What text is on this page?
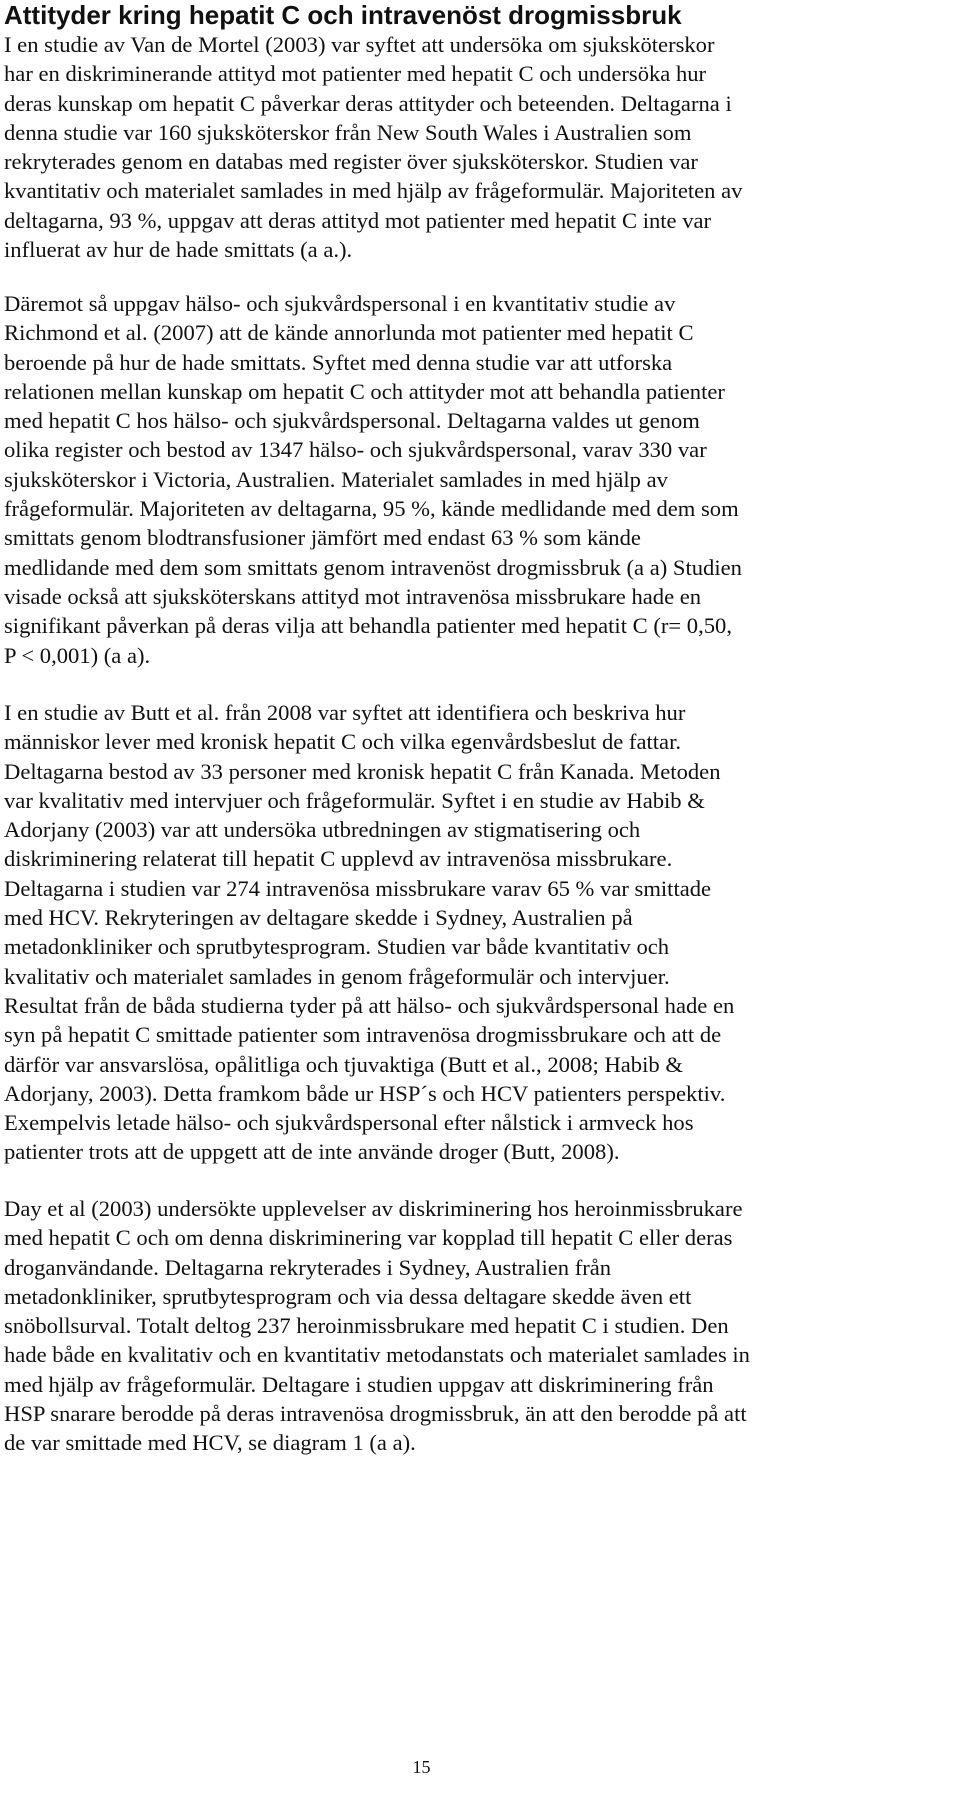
Attityder kring hepatit C och intravenöst drogmissbruk

I en studie av Van de Mortel (2003) var syftet att undersöka om sjuksköterskor
har en diskriminerande attityd mot patienter med hepatit C och undersöka hur
deras kunskap om hepatit C påverkar deras attityder och beteenden. Deltagarna i
denna studie var 160 sjuksköterskor från New South Wales i Australien som
rekryterades genom en databas med register över sjuksköterskor. Studien var
kvantitativ och materialet samlades in med hjälp av frågeformulär. Majoriteten av
deltagarna, 93 %, uppgav att deras attityd mot patienter med hepatit C inte var
influerat av hur de hade smittats (a a.).

Däremot så uppgav hälso- och sjukvårdspersonal i en kvantitativ studie av
Richmond et al. (2007) att de kände annorlunda mot patienter med hepatit C
beroende på hur de hade smittats. Syftet med denna studie var att utforska
relationen mellan kunskap om hepatit C och attityder mot att behandla patienter
med hepatit C hos hälso- och sjukvårdspersonal. Deltagarna valdes ut genom
olika register och bestod av 1347 hälso- och sjukvårdspersonal, varav 330 var
sjuksköterskor i Victoria, Australien. Materialet samlades in med hjälp av
frågeformulär. Majoriteten av deltagarna, 95 %, kände medlidande med dem som
smittats genom blodtransfusioner jämfört med endast 63 % som kände
medlidande med dem som smittats genom intravenöst drogmissbruk (a a) Studien
visade också att sjuksköterskans attityd mot intravenösa missbrukare hade en
signifikant påverkan på deras vilja att behandla patienter med hepatit C (r= 0,50,
P < 0,001) (a a).

I en studie av Butt et al. från 2008 var syftet att identifiera och beskriva hur
människor lever med kronisk hepatit C och vilka egenvårdsbeslut de fattar.
Deltagarna bestod av 33 personer med kronisk hepatit C från Kanada. Metoden
var kvalitativ med intervjuer och frågeformulär. Syftet i en studie av Habib &
Adorjany (2003) var att undersöka utbredningen av stigmatisering och
diskriminering relaterat till hepatit C upplevd av intravenösa missbrukare.
Deltagarna i studien var 274 intravenösa missbrukare varav 65 % var smittade
med HCV. Rekryteringen av deltagare skedde i Sydney, Australien på
metadonkliniker och sprutbytesprogram. Studien var både kvantitativ och
kvalitativ och materialet samlades in genom frågeformulär och intervjuer.
Resultat från de båda studierna tyder på att hälso- och sjukvårdspersonal hade en
syn på hepatit C smittade patienter som intravenösa drogmissbrukare och att de
därför var ansvarslösa, opålitliga och tjuvaktiga (Butt et al., 2008; Habib &
Adorjany, 2003). Detta framkom både ur HSP´s och HCV patienters perspektiv.
Exempelvis letade hälso- och sjukvårdspersonal efter nålstick i armveck hos
patienter trots att de uppgett att de inte använde droger (Butt, 2008).

Day et al (2003) undersökte upplevelser av diskriminering hos heroinmissbrukare
med hepatit C och om denna diskriminering var kopplad till hepatit C eller deras
droganvändande. Deltagarna rekryterades i Sydney, Australien från
metadonkliniker, sprutbytesprogram och via dessa deltagare skedde även ett
snöbollsurval. Totalt deltog 237 heroinmissbrukare med hepatit C i studien. Den
hade både en kvalitativ och en kvantitativ metodanstats och materialet samlades in
med hjälp av frågeformulär. Deltagare i studien uppgav att diskriminering från
HSP snarare berodde på deras intravenösa drogmissbruk, än att den berodde på att
de var smittade med HCV, se diagram 1 (a a).

15
